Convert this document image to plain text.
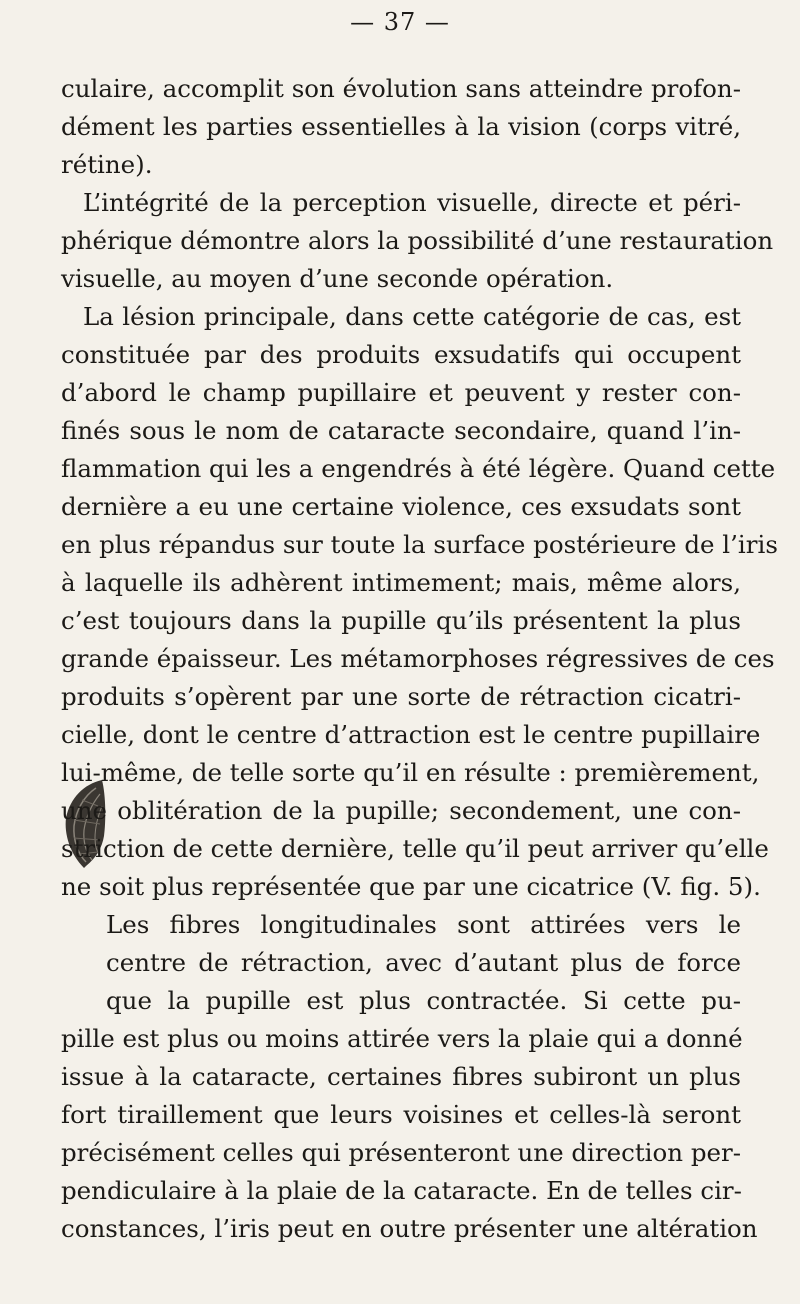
— 37 —
culaire, accomplit son évolution sans atteindre profon-
dément les parties essentielles à la vision (corps vitré,
rétine).
L’intégrité de la perception visuelle, directe et péri-
phérique démontre alors la possibilité d’une restauration
visuelle, au moyen d’une seconde opération.
La lésion principale, dans cette catégorie de cas, est
constituée par des produits exsudatifs qui occupent
d’abord le champ pupillaire et peuvent y rester con-
finés sous le nom de cataracte secondaire, quand l’in-
flammation qui les a engendrés à été légère. Quand cette
dernière a eu une certaine violence, ces exsudats sont
en plus répandus sur toute la surface postérieure de l’iris
à laquelle ils adhèrent intimement; mais, même alors,
c’est toujours dans la pupille qu’ils présentent la plus
grande épaisseur. Les métamorphoses régressives de ces
produits s’opèrent par une sorte de rétraction cicatri-
cielle, dont le centre d’attraction est le centre pupillaire
lui-même, de telle sorte qu’il en résulte : premièrement,
une oblitération de la pupille; secondement, une con-
striction de cette dernière, telle qu’il peut arriver qu’elle
ne soit plus représentée que par une cicatrice (V. fig. 5).
Les fibres longitudinales sont attirées vers le
centre de rétraction, avec d’autant plus de force
que la pupille est plus contractée. Si cette pu-
pille est plus ou moins attirée vers la plaie qui a donné
issue à la cataracte, certaines fibres subiront un plus
fort tiraillement que leurs voisines et celles-là seront
précisément celles qui présenteront une direction per-
pendiculaire à la plaie de la cataracte. En de telles cir-
constances, l’iris peut en outre présenter une altération
